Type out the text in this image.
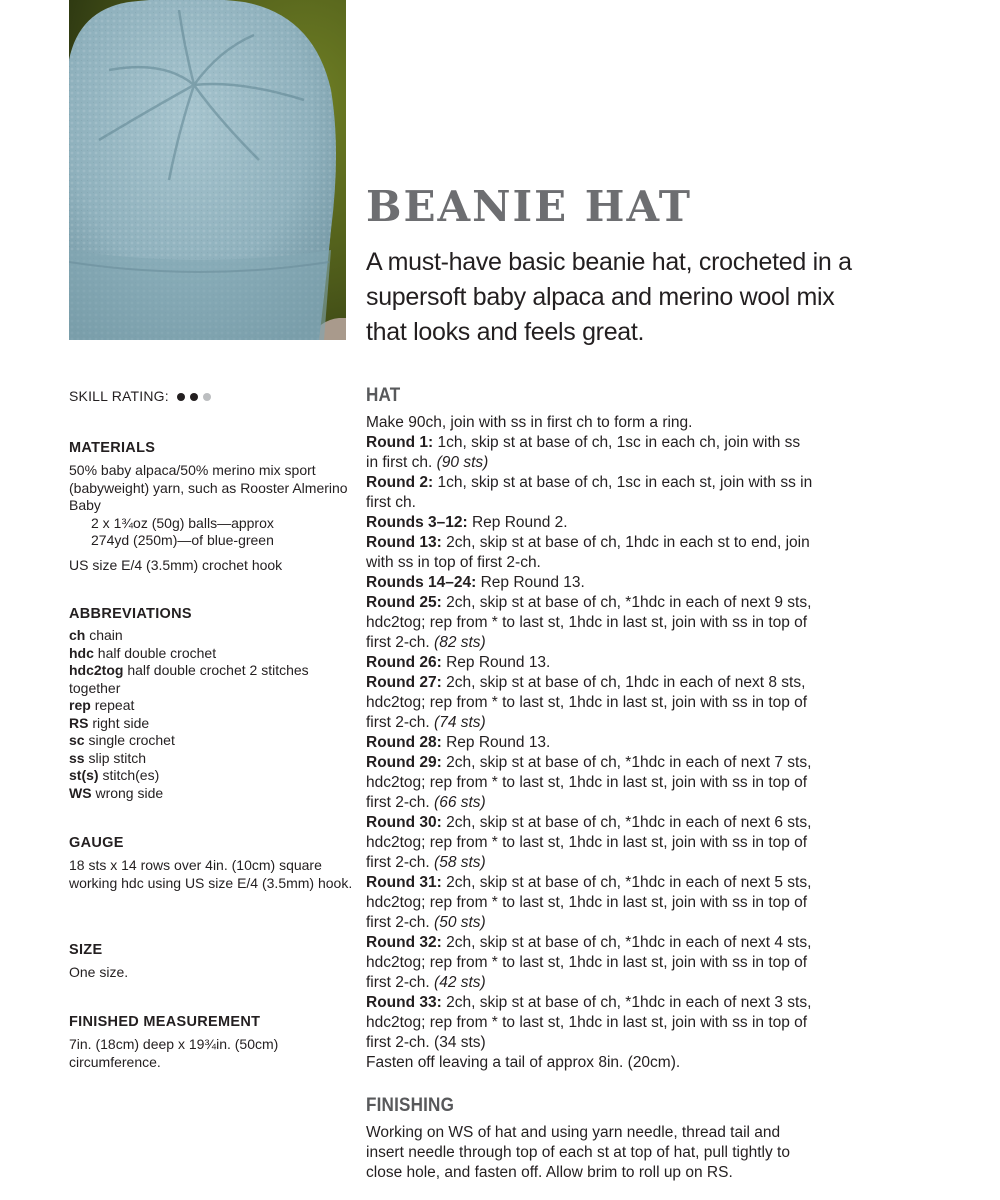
BEANIE HAT

A must-have basic beanie hat, crocheted in a supersoft baby alpaca and merino wool mix that looks and feels great.

SKILL RATING:
MATERIALS

50% baby alpaca/50% merino mix sport (babyweight) yarn, such as Rooster Almerino Baby

2 x 1¾oz (50g) balls—approx

274yd (250m)—of blue-green

US size E/4 (3.5mm) crochet hook

ABBREVIATIONS

ch chain

hdc half double crochet

hdc2tog half double crochet 2 stitches together

rep repeat

RS right side

sc single crochet

ss slip stitch

st(s) stitch(es)

WS wrong side

GAUGE

18 sts x 14 rows over 4in. (10cm) square working hdc using US size E/4 (3.5mm) hook.

SIZE

One size.

FINISHED MEASUREMENT

7in. (18cm) deep x 19¾in. (50cm) circumference.

HAT

Make 90ch, join with ss in first ch to form a ring.

Round 1: 1ch, skip st at base of ch, 1sc in each ch, join with ss in first ch. (90 sts)

Round 2: 1ch, skip st at base of ch, 1sc in each st, join with ss in first ch.

Rounds 3–12: Rep Round 2.

Round 13: 2ch, skip st at base of ch, 1hdc in each st to end, join with ss in top of first 2-ch.

Rounds 14–24: Rep Round 13.

Round 25: 2ch, skip st at base of ch, *1hdc in each of next 9 sts, hdc2tog; rep from * to last st, 1hdc in last st, join with ss in top of first 2-ch. (82 sts)

Round 26: Rep Round 13.

Round 27: 2ch, skip st at base of ch, 1hdc in each of next 8 sts, hdc2tog; rep from * to last st, 1hdc in last st, join with ss in top of first 2-ch. (74 sts)

Round 28: Rep Round 13.

Round 29: 2ch, skip st at base of ch, *1hdc in each of next 7 sts, hdc2tog; rep from * to last st, 1hdc in last st, join with ss in top of first 2-ch. (66 sts)

Round 30: 2ch, skip st at base of ch, *1hdc in each of next 6 sts, hdc2tog; rep from * to last st, 1hdc in last st, join with ss in top of first 2-ch. (58 sts)

Round 31: 2ch, skip st at base of ch, *1hdc in each of next 5 sts, hdc2tog; rep from * to last st, 1hdc in last st, join with ss in top of first 2-ch. (50 sts)

Round 32: 2ch, skip st at base of ch, *1hdc in each of next 4 sts, hdc2tog; rep from * to last st, 1hdc in last st, join with ss in top of first 2-ch. (42 sts)

Round 33: 2ch, skip st at base of ch, *1hdc in each of next 3 sts, hdc2tog; rep from * to last st, 1hdc in last st, join with ss in top of first 2-ch. (34 sts)

Fasten off leaving a tail of approx 8in. (20cm).

FINISHING

Working on WS of hat and using yarn needle, thread tail and insert needle through top of each st at top of hat, pull tightly to close hole, and fasten off. Allow brim to roll up on RS.
